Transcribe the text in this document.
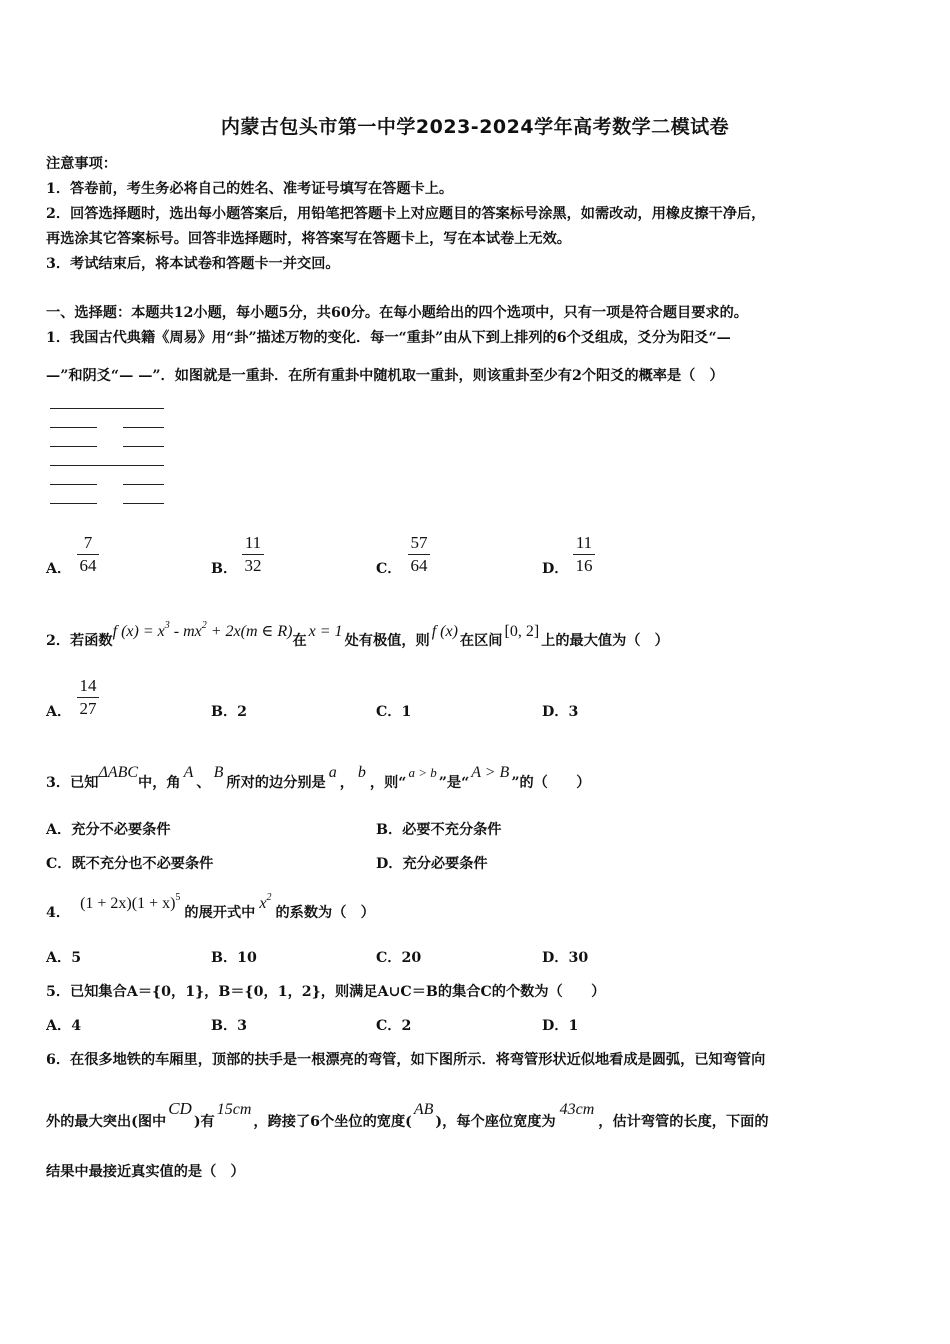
内蒙古包头市第一中学2023-2024学年高考数学二模试卷
注意事项：
1．答卷前，考生务必将自己的姓名、准考证号填写在答题卡上。
2．回答选择题时，选出每小题答案后，用铅笔把答题卡上对应题目的答案标号涂黑，如需改动，用橡皮擦干净后，
再选涂其它答案标号。回答非选择题时，将答案写在答题卡上，写在本试卷上无效。
3．考试结束后，将本试卷和答题卡一并交回。
一、选择题：本题共12小题，每小题5分，共60分。在每小题给出的四个选项中，只有一项是符合题目要求的。
1．我国古代典籍《周易》用“卦”描述万物的变化．每一“重卦”由从下到上排列的6个爻组成，爻分为阳爻“—
—”和阴爻“— —”．如图就是一重卦．在所有重卦中随机取一重卦，则该重卦至少有2个阳爻的概率是（　）
A．
7
64	B．
11
32	C．
57
64	D．
11
16
2．若函数f $(x) = x^3 - mx^2 + 2x(m$ ∈ R)在x = 1处有极值，则f (x)在区间[0, 2]上的最大值为（　）
A．
14
27	B．2	C．1	D．3
3．已知ΔABC中，角A、B所对的边分别是a，b，则“a > b”是“A > B”的（　　）
A．充分不必要条件	B．必要不充分条件
C．既不充分也不必要条件	D．充分必要条件
4．$(1 + 2x)(1 + x)^5$的展开式中$x^2$的系数为（　）
A．5	B．10	C．20	D．30
5．已知集合A＝{0，1}，B＝{0，1，2}，则满足A∪C＝B的集合C的个数为（　　）
A．4	B．3	C．2	D．1
6．在很多地铁的车厢里，顶部的扶手是一根漂亮的弯管，如下图所示．将弯管形状近似地看成是圆弧，已知弯管向
外的最大突出(图中CD)有15cm，跨接了6个坐位的宽度(AB)，每个座位宽度为43cm，估计弯管的长度，下面的
结果中最接近真实值的是（　）
